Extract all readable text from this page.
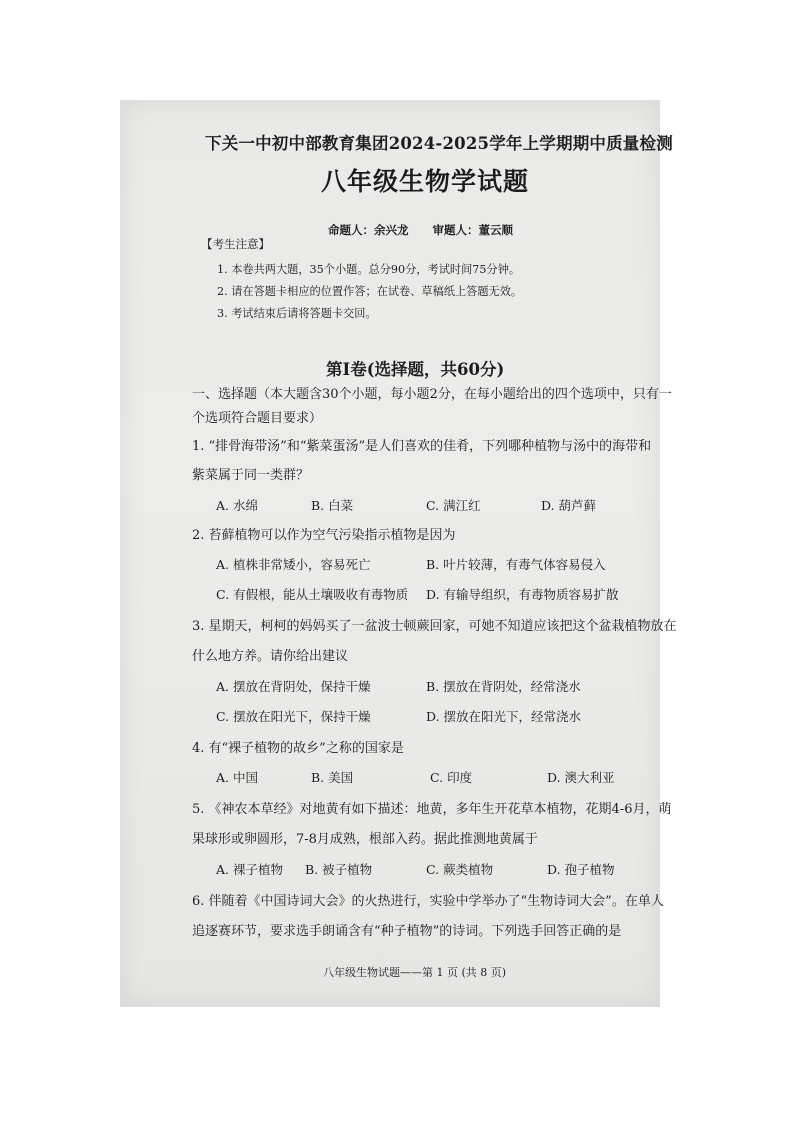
下关一中初中部教育集团2024-2025学年上学期期中质量检测
八年级生物学试题
命题人：余兴龙 审题人：董云顺
【考生注意】
1. 本卷共两大题，35个小题。总分90分，考试时间75分钟。
2. 请在答题卡相应的位置作答；在试卷、草稿纸上答题无效。
3. 考试结束后请将答题卡交回。
第Ⅰ卷(选择题，共60分)
一、选择题（本大题含30个小题，每小题2分，在每小题给出的四个选项中，只有一
个选项符合题目要求）
1. “排骨海带汤”和“紫菜蛋汤”是人们喜欢的佳肴，下列哪种植物与汤中的海带和
紫菜属于同一类群？
A. 水绵	B. 白菜	C. 满江红	D. 葫芦藓
2. 苔藓植物可以作为空气污染指示植物是因为
A. 植株非常矮小，容易死亡	B. 叶片较薄，有毒气体容易侵入
C. 有假根，能从土壤吸收有毒物质 D. 有输导组织，有毒物质容易扩散
3. 星期天，柯柯的妈妈买了一盆波士顿蕨回家，可她不知道应该把这个盆栽植物放在
什么地方养。请你给出建议
A. 摆放在背阴处，保持干燥	B. 摆放在背阴处，经常浇水
C. 摆放在阳光下，保持干燥	D. 摆放在阳光下，经常浇水
4. 有“裸子植物的故乡”之称的国家是
A. 中国	B. 美国	C. 印度	D. 澳大利亚
5. 《神农本草经》对地黄有如下描述：地黄，多年生开花草本植物，花期4-6月，萌
果球形或卵圆形，7-8月成熟，根部入药。据此推测地黄属于
A. 裸子植物 B. 被子植物	C. 蕨类植物	D. 孢子植物
6. 伴随着《中国诗词大会》的火热进行，实验中学举办了“生物诗词大会”。在单人
追逐赛环节，要求选手朗诵含有“种子植物”的诗词。下列选手回答正确的是
八年级生物试题——第 1 页 (共 8 页)
